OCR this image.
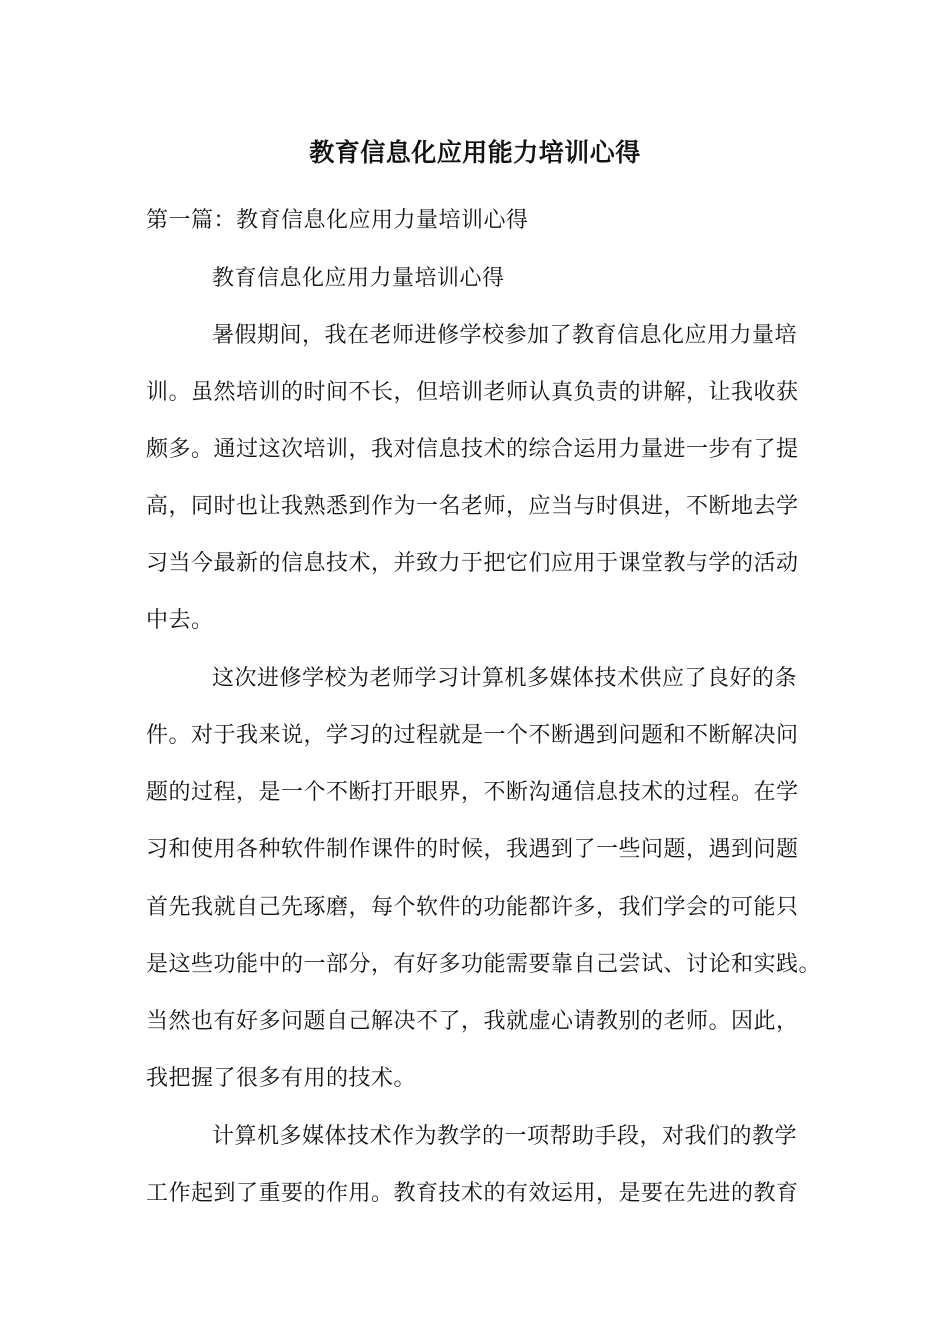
教育信息化应用能力培训心得
第一篇：教育信息化应用力量培训心得
教育信息化应用力量培训心得
暑假期间，我在老师进修学校参加了教育信息化应用力量培
训。虽然培训的时间不长，但培训老师认真负责的讲解，让我收获
颇多。通过这次培训，我对信息技术的综合运用力量进一步有了提
高，同时也让我熟悉到作为一名老师，应当与时俱进，不断地去学
习当今最新的信息技术，并致力于把它们应用于课堂教与学的活动
中去。
这次进修学校为老师学习计算机多媒体技术供应了良好的条
件。对于我来说，学习的过程就是一个不断遇到问题和不断解决问
题的过程，是一个不断打开眼界，不断沟通信息技术的过程。在学
习和使用各种软件制作课件的时候，我遇到了一些问题，遇到问题
首先我就自己先琢磨，每个软件的功能都许多，我们学会的可能只
是这些功能中的一部分，有好多功能需要靠自己尝试、讨论和实践。
当然也有好多问题自己解决不了，我就虚心请教别的老师。因此，
我把握了很多有用的技术。
计算机多媒体技术作为教学的一项帮助手段，对我们的教学
工作起到了重要的作用。教育技术的有效运用，是要在先进的教育
